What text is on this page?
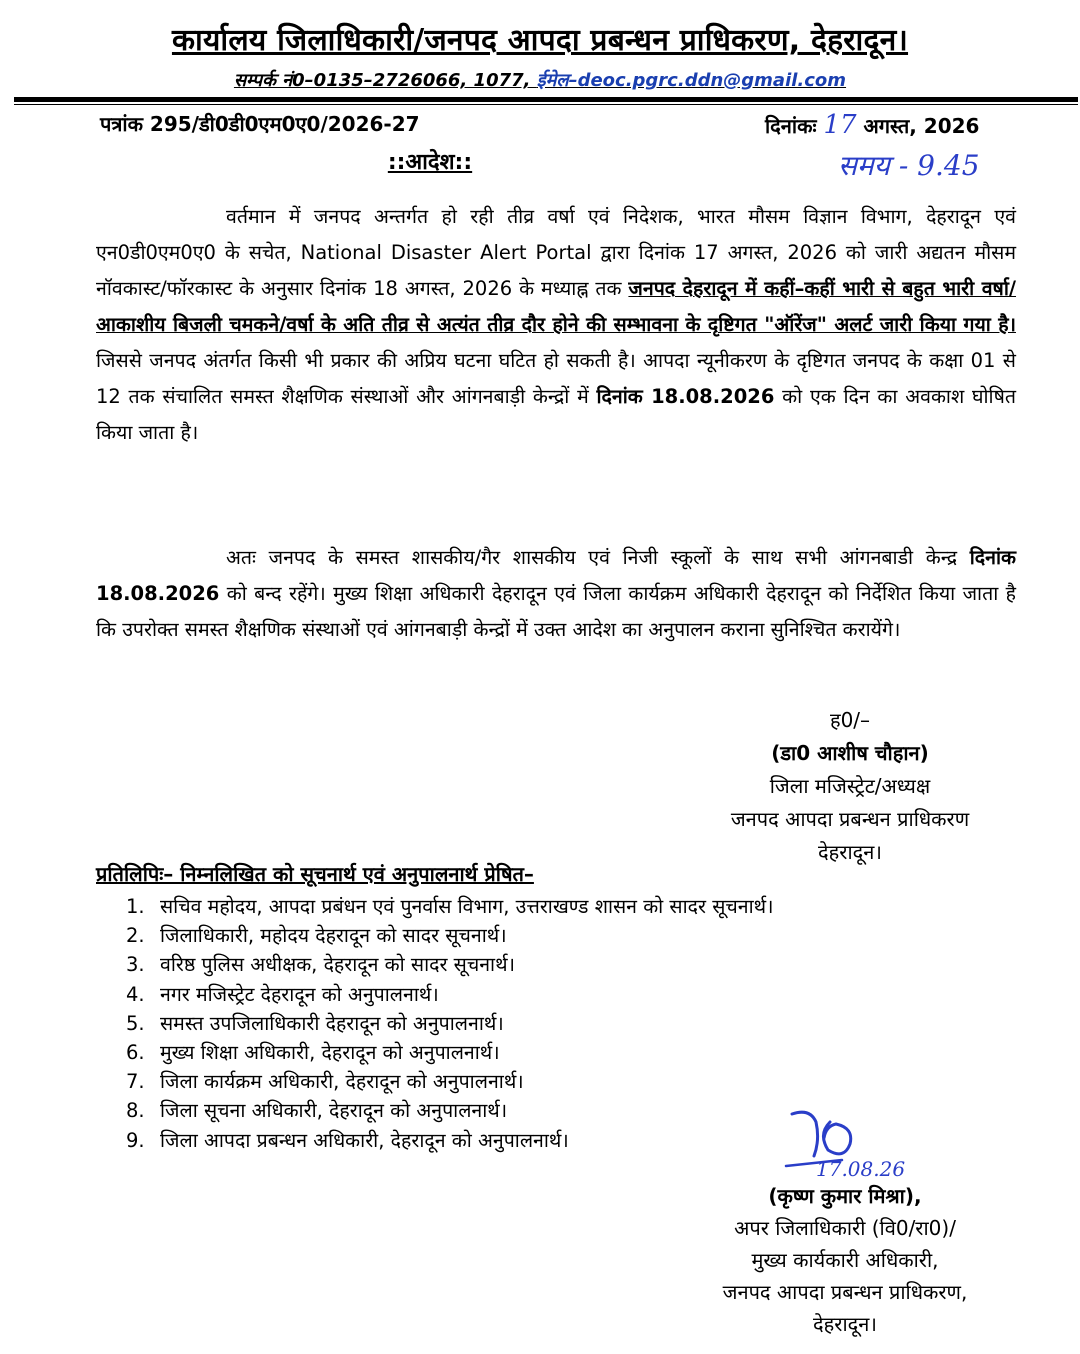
कार्यालय जिलाधिकारी/जनपद आपदा प्रबन्धन प्राधिकरण, देहरादून।
सम्पर्क नं0–0135–2726066, 1077, ईमेल–deoc.pgrc.ddn@gmail.com
पत्रांक 295/डी0डी0एम0ए0/2026-27	दिनांकः 17 अगस्त, 2026
::आदेश::	समय - 9.45
वर्तमान में जनपद अन्तर्गत हो रही तीव्र वर्षा एवं निदेशक, भारत मौसम विज्ञान विभाग, देहरादून एवं एन0डी0एम0ए0 के सचेत, National Disaster Alert Portal द्वारा दिनांक 17 अगस्त, 2026 को जारी अद्यतन मौसम नॉवकास्ट/फॉरकास्ट के अनुसार दिनांक 18 अगस्त, 2026 के मध्याह्न तक जनपद देहरादून में कहीं–कहीं भारी से बहुत भारी वर्षा/आकाशीय बिजली चमकने/वर्षा के अति तीव्र से अत्यंत तीव्र दौर होने की सम्भावना के दृष्टिगत "ऑरेंज" अलर्ट जारी किया गया है। जिससे जनपद अंतर्गत किसी भी प्रकार की अप्रिय घटना घटित हो सकती है। आपदा न्यूनीकरण के दृष्टिगत जनपद के कक्षा 01 से 12 तक संचालित समस्त शैक्षणिक संस्थाओं और आंगनबाड़ी केन्द्रों में दिनांक 18.08.2026 को एक दिन का अवकाश घोषित किया जाता है।
अतः जनपद के समस्त शासकीय/गैर शासकीय एवं निजी स्कूलों के साथ सभी आंगनबाडी केन्द्र दिनांक 18.08.2026 को बन्द रहेंगे। मुख्य शिक्षा अधिकारी देहरादून एवं जिला कार्यक्रम अधिकारी देहरादून को निर्देशित किया जाता है कि उपरोक्त समस्त शैक्षणिक संस्थाओं एवं आंगनबाड़ी केन्द्रों में उक्त आदेश का अनुपालन कराना सुनिश्चित करायेंगे।
ह0/–
(डा0 आशीष चौहान)
जिला मजिस्ट्रेट/अध्यक्ष
जनपद आपदा प्रबन्धन प्राधिकरण
देहरादून।
प्रतिलिपिः– निम्नलिखित को सूचनार्थ एवं अनुपालनार्थ प्रेषित–
1. सचिव महोदय, आपदा प्रबंधन एवं पुनर्वास विभाग, उत्तराखण्ड शासन को सादर सूचनार्थ।
2. जिलाधिकारी, महोदय देहरादून को सादर सूचनार्थ।
3. वरिष्ठ पुलिस अधीक्षक, देहरादून को सादर सूचनार्थ।
4. नगर मजिस्ट्रेट देहरादून को अनुपालनार्थ।
5. समस्त उपजिलाधिकारी देहरादून को अनुपालनार्थ।
6. मुख्य शिक्षा अधिकारी, देहरादून को अनुपालनार्थ।
7. जिला कार्यक्रम अधिकारी, देहरादून को अनुपालनार्थ।
8. जिला सूचना अधिकारी, देहरादून को अनुपालनार्थ।
9. जिला आपदा प्रबन्धन अधिकारी, देहरादून को अनुपालनार्थ।
17.08.26
(कृष्ण कुमार मिश्रा),
अपर जिलाधिकारी (वि0/रा0)/
मुख्य कार्यकारी अधिकारी,
जनपद आपदा प्रबन्धन प्राधिकरण,
देहरादून।
